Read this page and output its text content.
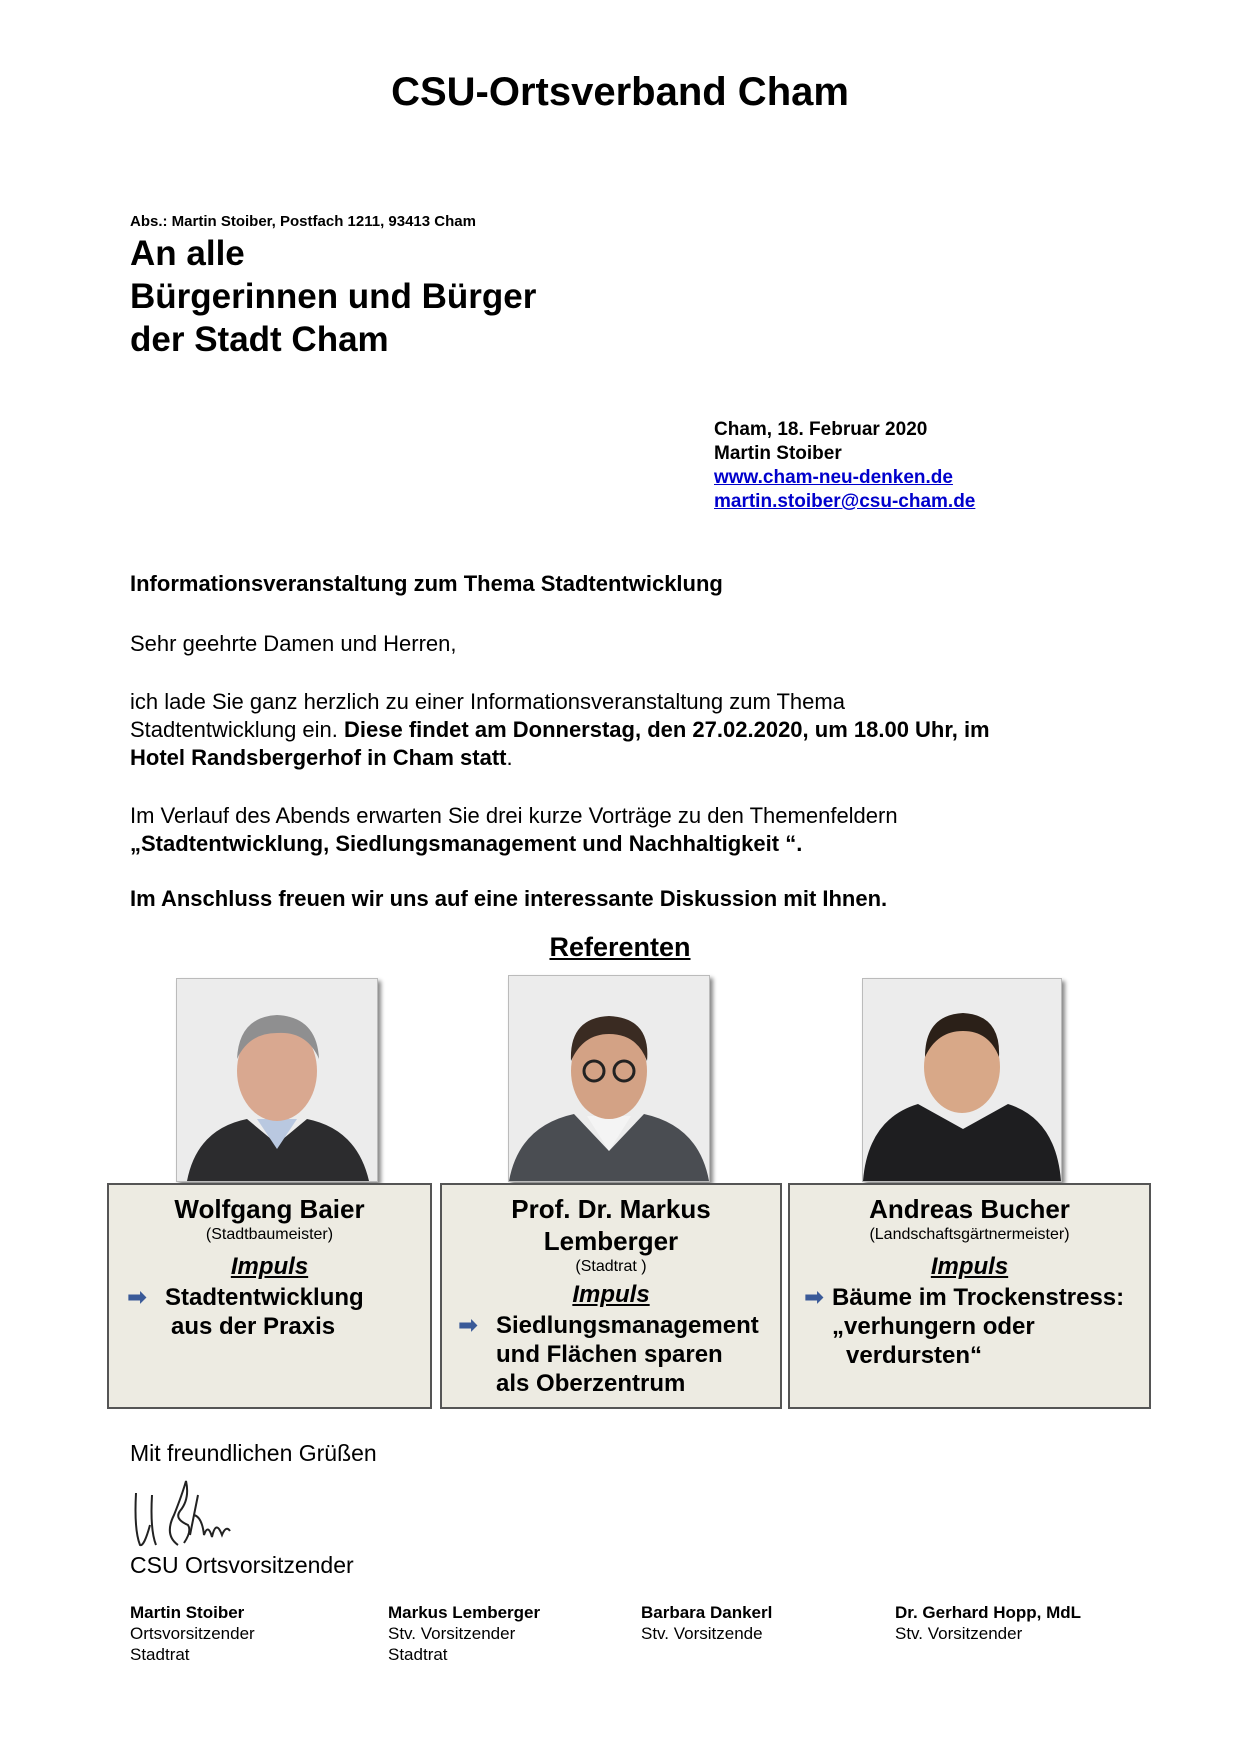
CSU-Ortsverband Cham
Abs.: Martin Stoiber, Postfach 1211, 93413 Cham
An alle
Bürgerinnen und Bürger
der Stadt Cham
Cham, 18. Februar 2020
Martin Stoiber
www.cham-neu-denken.de
martin.stoiber@csu-cham.de
Informationsveranstaltung zum Thema Stadtentwicklung
Sehr geehrte Damen und Herren,
ich lade Sie ganz herzlich zu einer Informationsveranstaltung zum Thema
Stadtentwicklung ein. Diese findet am Donnerstag, den 27.02.2020, um 18.00 Uhr, im
Hotel Randsbergerhof in Cham statt.
Im Verlauf des Abends erwarten Sie drei kurze Vorträge zu den Themenfeldern
„Stadtentwicklung, Siedlungsmanagement und Nachhaltigkeit “.
Im Anschluss freuen wir uns auf eine interessante Diskussion mit Ihnen.
Referenten
Wolfgang Baier
(Stadtbaumeister)
Impuls
➡ Stadtentwicklung
aus der Praxis
Prof. Dr. Markus
Lemberger
(Stadtrat )
Impuls
➡ Siedlungsmanagement
und Flächen sparen
als Oberzentrum
Andreas Bucher
(Landschaftsgärtnermeister)
Impuls
➡ Bäume im Trockenstress:
„verhungern oder
verdursten“
Mit freundlichen Grüßen
CSU Ortsvorsitzender
Martin Stoiber
Ortsvorsitzender
Stadtrat
Markus Lemberger
Stv. Vorsitzender
Stadtrat
Barbara Dankerl
Stv. Vorsitzende
Dr. Gerhard Hopp, MdL
Stv. Vorsitzender
